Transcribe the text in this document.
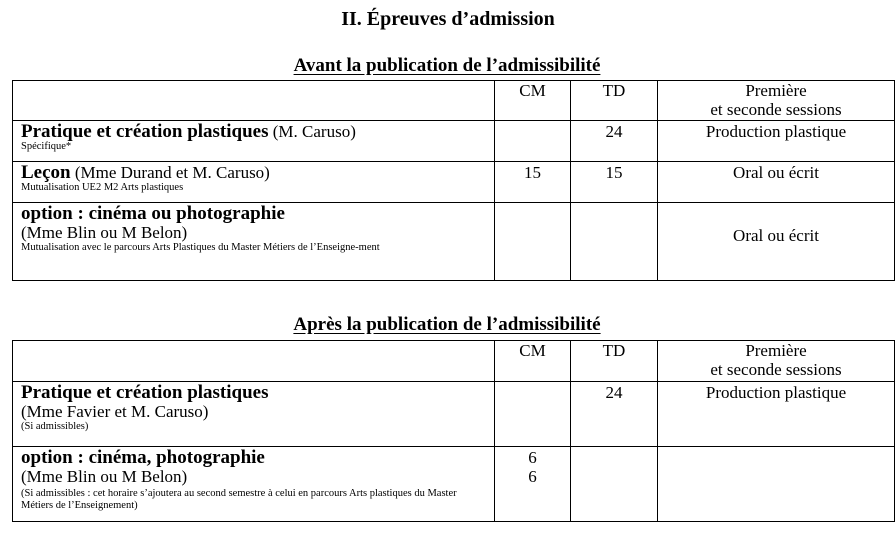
II. Épreuves d’admission
Avant la publication de l’admissibilité
	CM	TD	Première
et seconde sessions

Pratique et création plastiques (M. Caruso)
Spécifique*		24	Production plastique
Leçon (Mme Durand et M. Caruso)
Mutualisation UE2 M2 Arts plastiques	15	15	Oral ou écrit

option : cinéma ou photographie
(Mme Blin ou M Belon)
Mutualisation avec le parcours Arts Plastiques du Master Métiers de l’Enseigne-ment			Oral ou écrit
Après la publication de l’admissibilité
	CM	TD	Première
et seconde sessions

Pratique et création plastiques
(Mme Favier et M. Caruso)
(Si admissibles)		24	Production plastique

option : cinéma, photographie
(Mme Blin ou M Belon)
(Si admissibles : cet horaire s’ajoutera au second semestre à celui en parcours Arts plastiques du Master Métiers de l’Enseignement)	6
6		
